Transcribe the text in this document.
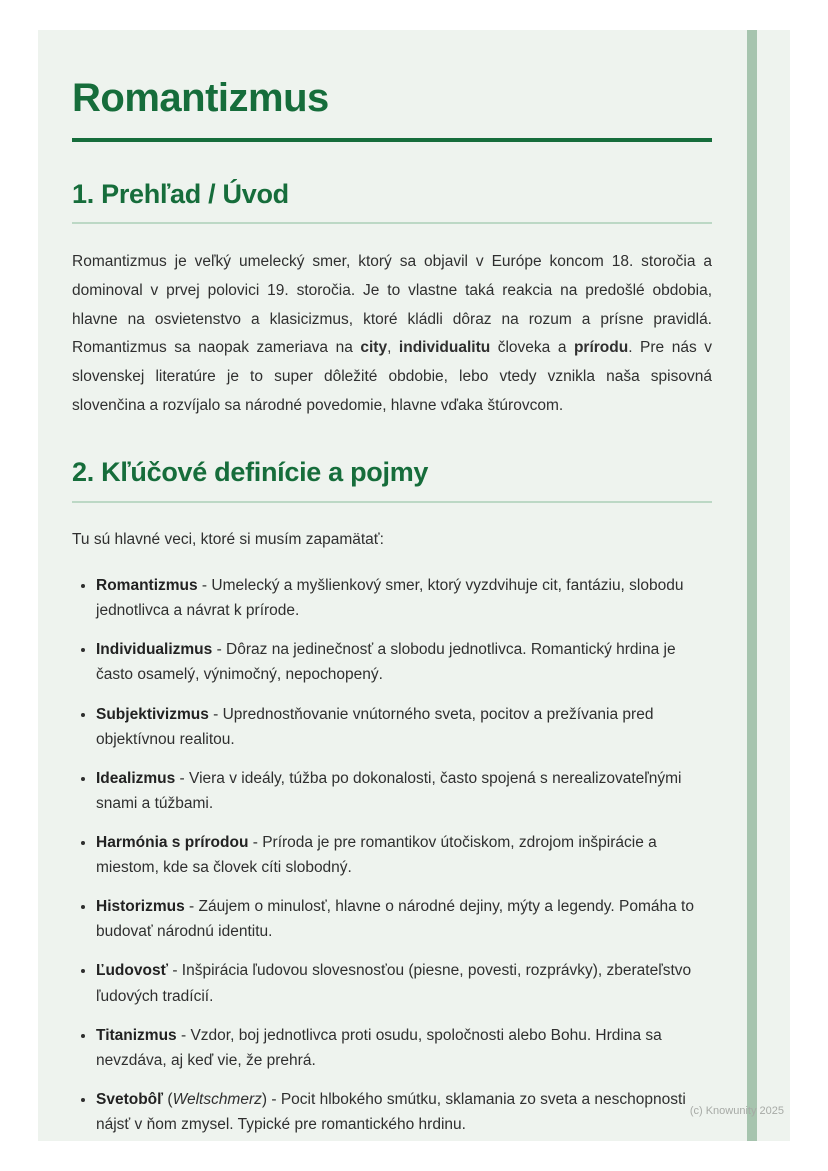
Romantizmus
1. Prehľad / Úvod

Romantizmus je veľký umelecký smer, ktorý sa objavil v Európe koncom 18. storočia a dominoval v prvej polovici 19. storočia. Je to vlastne taká reakcia na predošlé obdobia, hlavne na osvietenstvo a klasicizmus, ktoré kládli dôraz na rozum a prísne pravidlá. Romantizmus sa naopak zameriava na city, individualitu človeka a prírodu. Pre nás v slovenskej literatúre je to super dôležité obdobie, lebo vtedy vznikla naša spisovná slovenčina a rozvíjalo sa národné povedomie, hlavne vďaka štúrovcom.

2. Kľúčové definície a pojmy

Tu sú hlavné veci, ktoré si musím zapamätať:

• Romantizmus - Umelecký a myšlienkový smer, ktorý vyzdvihuje cit, fantáziu, slobodu jednotlivca a návrat k prírode.
• Individualizmus - Dôraz na jedinečnosť a slobodu jednotlivca. Romantický hrdina je často osamelý, výnimočný, nepochopený.
• Subjektivizmus - Uprednostňovanie vnútorného sveta, pocitov a prežívania pred objektívnou realitou.
• Idealizmus - Viera v ideály, túžba po dokonalosti, často spojená s nerealizovateľnými snami a túžbami.
• Harmónia s prírodou - Príroda je pre romantikov útočiskom, zdrojom inšpirácie a miestom, kde sa človek cíti slobodný.
• Historizmus - Záujem o minulosť, hlavne o národné dejiny, mýty a legendy. Pomáha to budovať národnú identitu.
• Ľudovosť - Inšpirácia ľudovou slovesnosťou (piesne, povesti, rozprávky), zberateľstvo ľudových tradícií.
• Titanizmus - Vzdor, boj jednotlivca proti osudu, spoločnosti alebo Bohu. Hrdina sa nevzdáva, aj keď vie, že prehrá.
• Svetobôľ (Weltschmerz) - Pocit hlbokého smútku, sklamania zo sveta a neschopnosti nájsť v ňom zmysel. Typické pre romantického hrdinu.
(c) Knowunity 2025
